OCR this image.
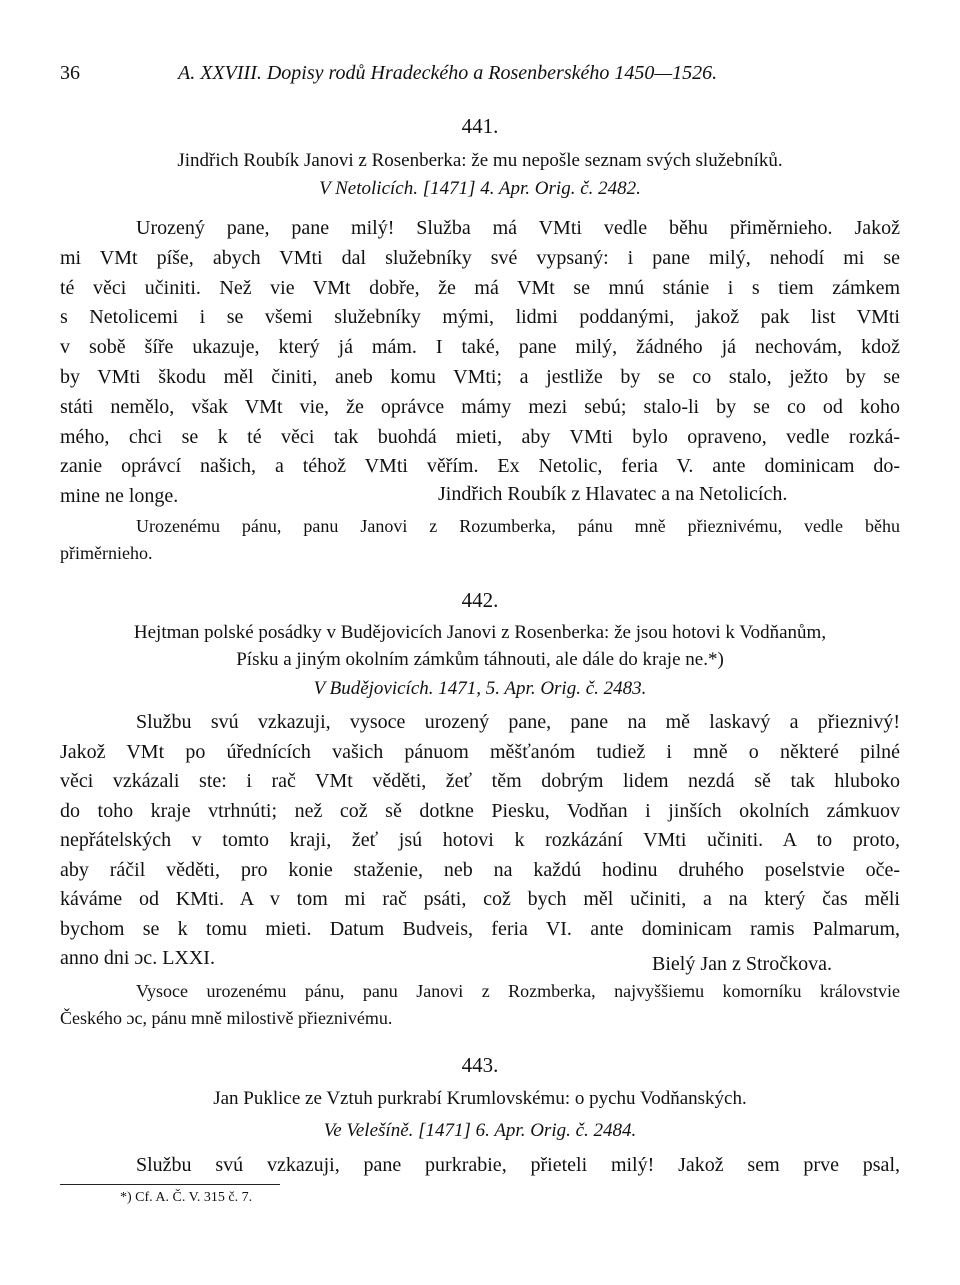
36	A. XXVIII. Dopisy rodů Hradeckého a Rosenberského 1450—1526.
441.
Jindřich Roubík Janovi z Rosenberka: že mu nepošle seznam svých služebníků.
V Netolicích. [1471] 4. Apr. Orig. č. 2482.
Urozený pane, pane milý! Služba má VMti vedle běhu přiměrnieho. Jakož
mi VMt píše, abych VMti dal služebníky své vypsaný: i pane milý, nehodí mi se
té věci učiniti. Než vie VMt dobře, že má VMt se mnú stánie i s tiem zámkem
s Netolicemi i se všemi služebníky mými, lidmi poddanými, jakož pak list VMti
v sobě šíře ukazuje, který já mám. I také, pane milý, žádného já nechovám, kdož
by VMti škodu měl činiti, aneb komu VMti; a jestliže by se co stalo, ježto by se
státi nemělo, však VMt vie, že oprávce mámy mezi sebú; stalo-li by se co od koho
mého, chci se k té věci tak buohdá mieti, aby VMti bylo opraveno, vedle rozká-
zanie oprávcí našich, a téhož VMti věřím. Ex Netolic, feria V. ante dominicam do-
mine ne longe.	Jindřich Roubík z Hlavatec a na Netolicích.
Urozenému pánu, panu Janovi z Rozumberka, pánu mně přieznivému, vedle běhu
přiměrnieho.
442.
Hejtman polské posádky v Budějovicích Janovi z Rosenberka: že jsou hotovi k Vodňanům,
Písku a jiným okolním zámkům táhnouti, ale dále do kraje ne.*)
V Budějovicích. 1471, 5. Apr. Orig. č. 2483.
Službu svú vzkazuji, vysoce urozený pane, pane na mě laskavý a přieznivý!
Jakož VMt po úřednících vašich pánuom měšťanóm tudiež i mně o některé pilné
věci vzkázali ste: i rač VMt věděti, žeť těm dobrým lidem nezdá sě tak hluboko
do toho kraje vtrhnúti; než což sě dotkne Piesku, Vodňan i jinších okolních zámkuov
nepřátelských v tomto kraji, žeť jsú hotovi k rozkázání VMti učiniti. A to proto,
aby ráčil věděti, pro konie staženie, neb na každú hodinu druhého poselstvie oče-
káváme od KMti. A v tom mi rač psáti, což bych měl učiniti, a na který čas měli
bychom se k tomu mieti. Datum Budveis, feria VI. ante dominicam ramis Palmarum,
anno dni ɔc. LXXI.	Bielý Jan z Stročkova.
Vysoce urozenému pánu, panu Janovi z Rozmberka, najvyššiemu komorníku královstvie
Českého ɔc, pánu mně milostivě přieznivému.
443.
Jan Puklice ze Vztuh purkrabí Krumlovskému: o pychu Vodňanských.
Ve Velešíně. [1471] 6. Apr. Orig. č. 2484.
Službu svú vzkazuji, pane purkrabie, přieteli milý! Jakož sem prve psal,
*) Cf. A. Č. V. 315 č. 7.
